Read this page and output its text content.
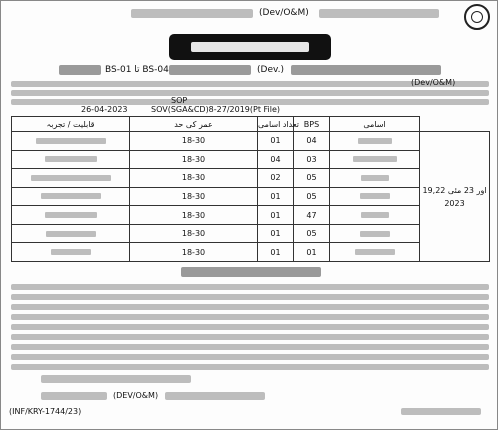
(Dev/O&M)
(Dev.)
BS-01 تا BS-04
(Dev/O&M)
SOP
SOV(SGA&CD)8-27/2019(Pt File)
26-04-2023
قابلیت / تجربہ	عمر کی حد	تعداد اسامی	BPS	اسامی	
	18-30	01	04		19,22 اور 23 مئی 2023
	18-30	04	03		
	18-30	02	05		
	18-30	01	05		
	18-30	01	47		
	18-30	01	05		
	18-30	01	01		
(DEV/O&M)
(INF/KRY-1744/23)
